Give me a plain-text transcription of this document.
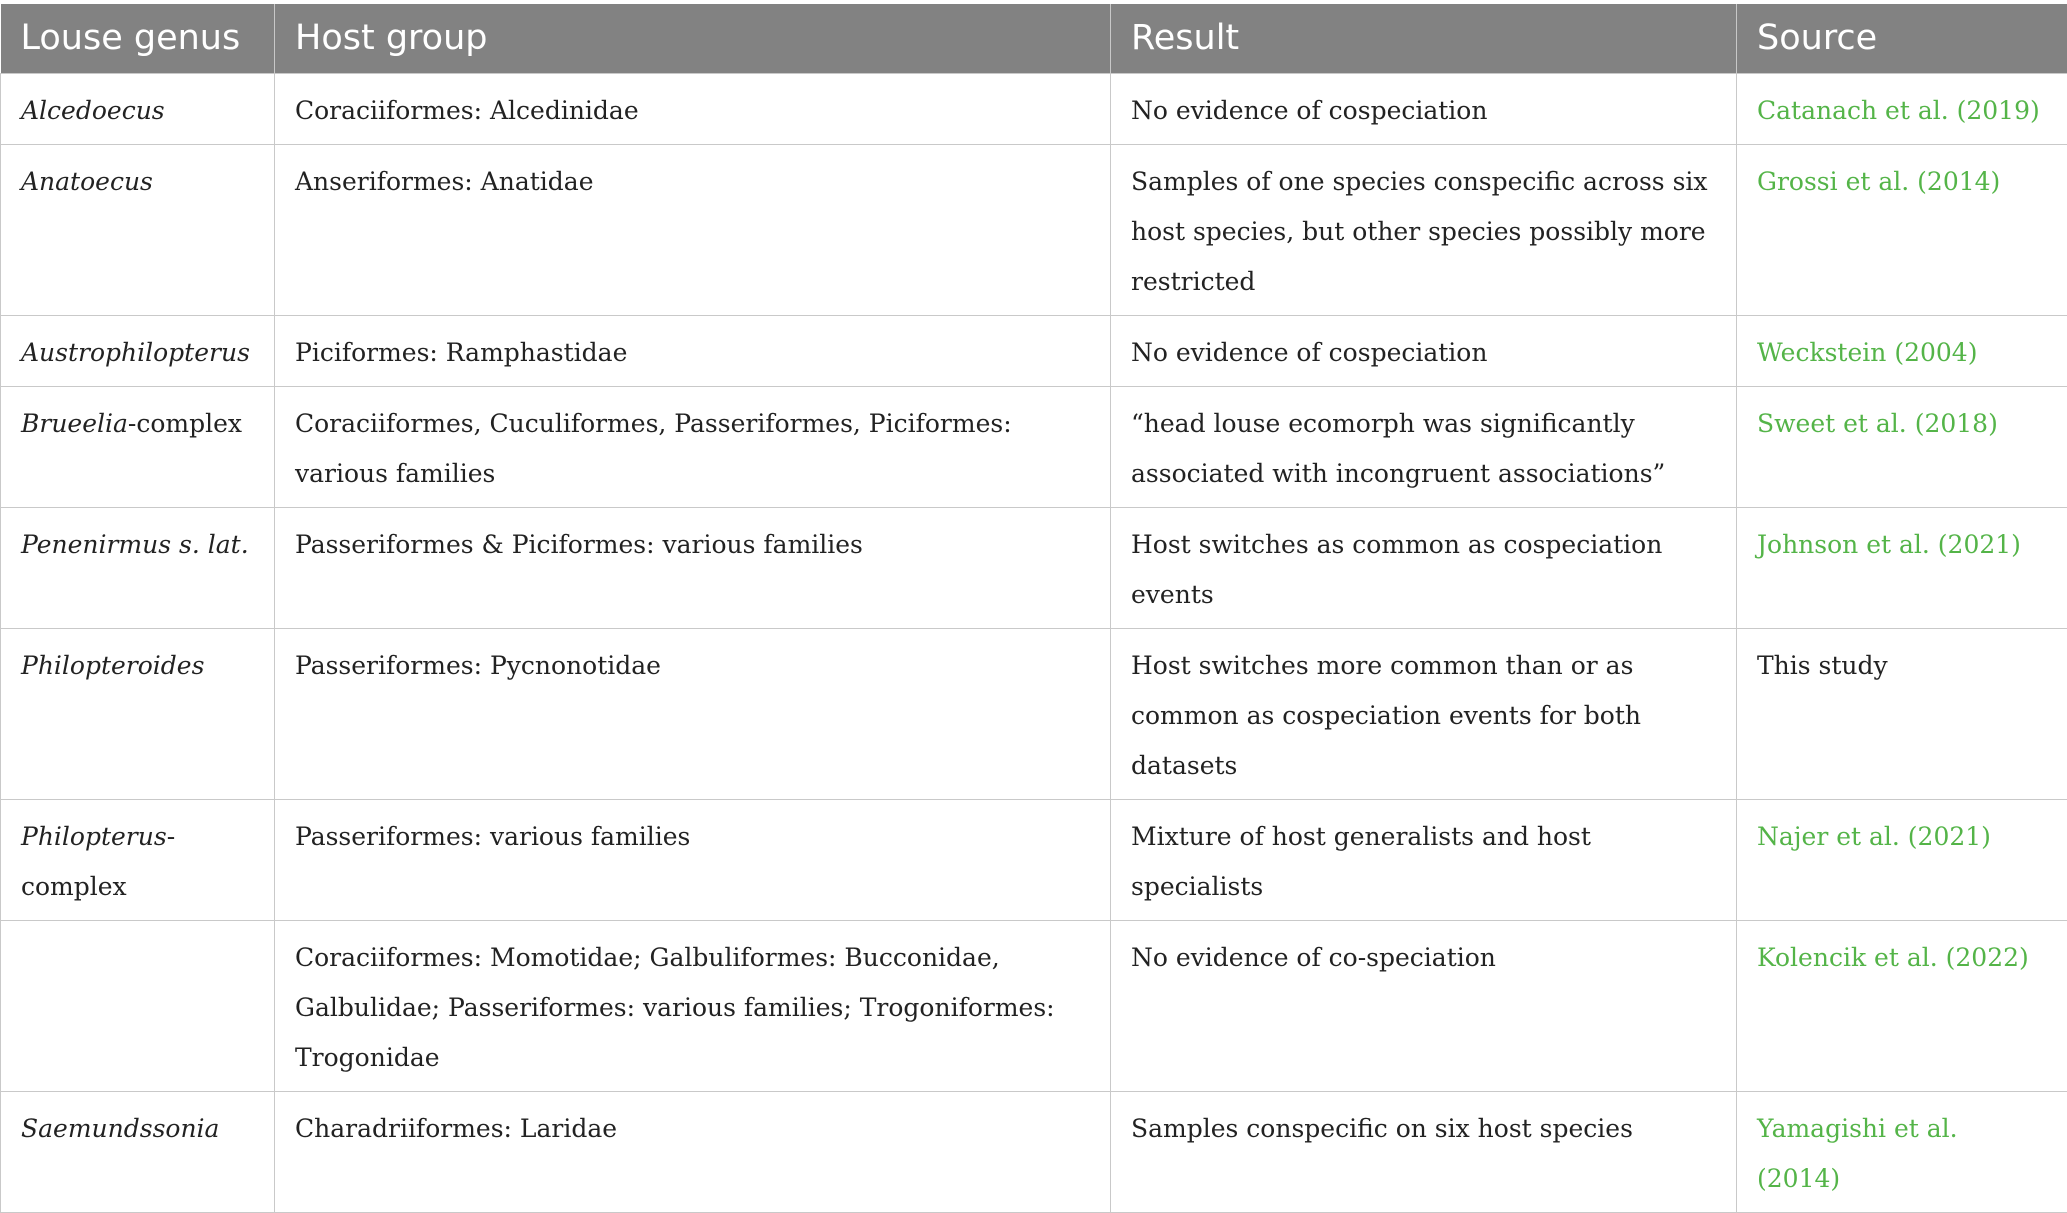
Louse genus	Host group	Result	Source
Alcedoecus	Coraciiformes: Alcedinidae	No evidence of cospeciation	Catanach et al. (2019)
Anatoecus	Anseriformes: Anatidae	Samples of one species conspecific across six host species, but other species possibly more restricted	Grossi et al. (2014)
Austrophilopterus	Piciformes: Ramphastidae	No evidence of cospeciation	Weckstein (2004)
Brueelia-complex	Coraciiformes, Cuculiformes, Passeriformes, Piciformes: various families	“head louse ecomorph was significantly associated with incongruent associations”	Sweet et al. (2018)
Penenirmus s. lat.	Passeriformes & Piciformes: various families	Host switches as common as cospeciation events	Johnson et al. (2021)
Philopteroides	Passeriformes: Pycnonotidae	Host switches more common than or as common as cospeciation events for both datasets	This study
Philopterus-complex	Passeriformes: various families	Mixture of host generalists and host specialists	Najer et al. (2021)
	Coraciiformes: Momotidae; Galbuliformes: Bucconidae, Galbulidae; Passeriformes: various families; Trogoniformes: Trogonidae	No evidence of co-speciation	Kolencik et al. (2022)
Saemundssonia	Charadriiformes: Laridae	Samples conspecific on six host species	Yamagishi et al. (2014)
